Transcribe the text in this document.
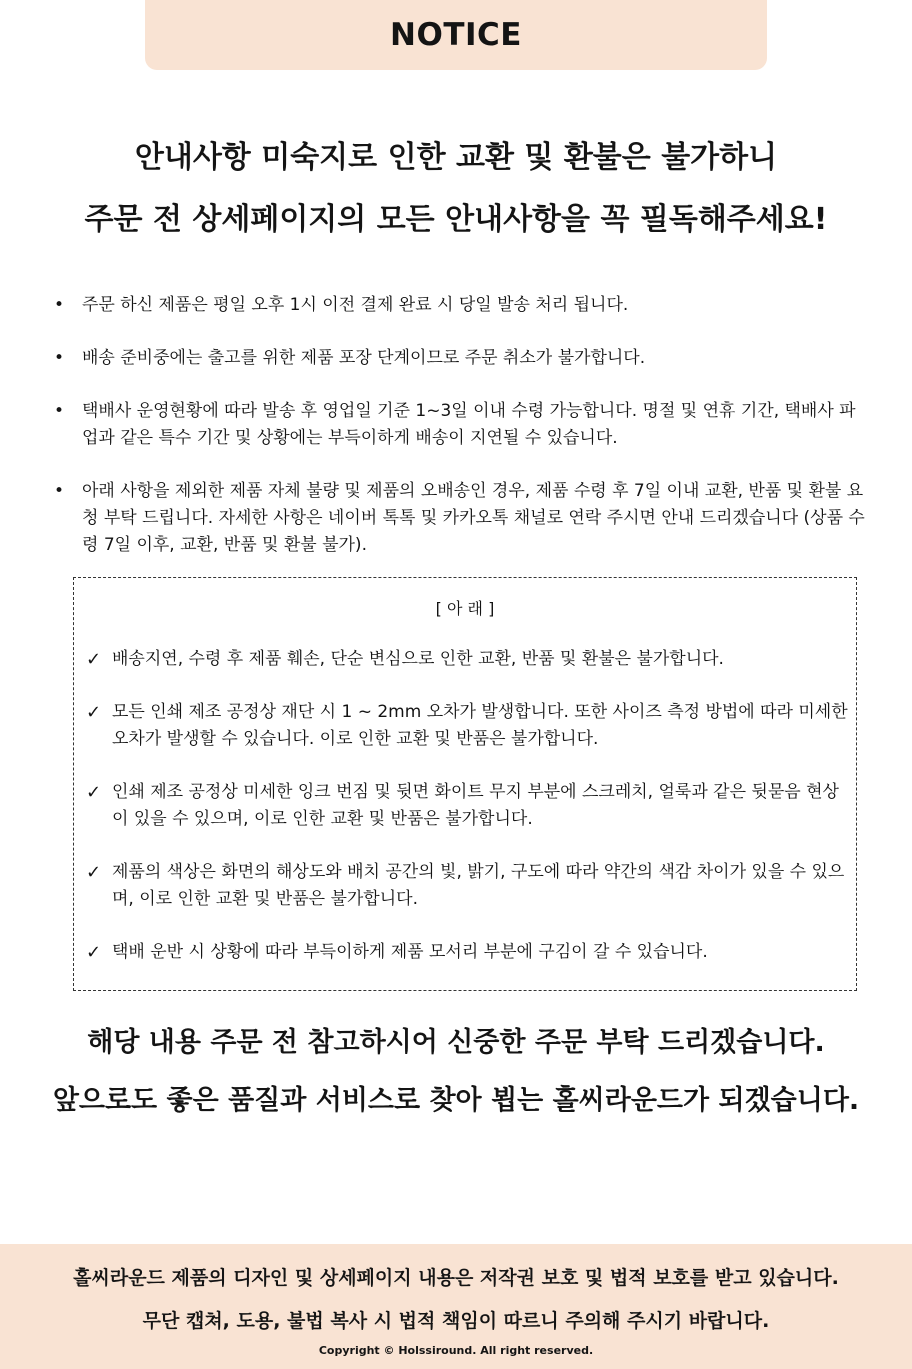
NOTICE
안내사항 미숙지로 인한 교환 및 환불은 불가하니
주문 전 상세페이지의 모든 안내사항을 꼭 필독해주세요!
• 주문 하신 제품은 평일 오후 1시 이전 결제 완료 시 당일 발송 처리 됩니다.
• 배송 준비중에는 출고를 위한 제품 포장 단계이므로 주문 취소가 불가합니다.
• 택배사 운영현황에 따라 발송 후 영업일 기준 1~3일 이내 수령 가능합니다. 명절 및 연휴 기간, 택배사 파업과 같은 특수 기간 및 상황에는 부득이하게 배송이 지연될 수 있습니다.
• 아래 사항을 제외한 제품 자체 불량 및 제품의 오배송인 경우, 제품 수령 후 7일 이내 교환, 반품 및 환불 요청 부탁 드립니다. 자세한 사항은 네이버 톡톡 및 카카오톡 채널로 연락 주시면 안내 드리겠습니다 (상품 수령 7일 이후, 교환, 반품 및 환불 불가).
[ 아 래 ]
✓ 배송지연, 수령 후 제품 훼손, 단순 변심으로 인한 교환, 반품 및 환불은 불가합니다.
✓ 모든 인쇄 제조 공정상 재단 시 1 ~ 2mm 오차가 발생합니다. 또한 사이즈 측정 방법에 따라 미세한 오차가 발생할 수 있습니다. 이로 인한 교환 및 반품은 불가합니다.
✓ 인쇄 제조 공정상 미세한 잉크 번짐 및 뒷면 화이트 무지 부분에 스크레치, 얼룩과 같은 뒷묻음 현상이 있을 수 있으며, 이로 인한 교환 및 반품은 불가합니다.
✓ 제품의 색상은 화면의 해상도와 배치 공간의 빛, 밝기, 구도에 따라 약간의 색감 차이가 있을 수 있으며, 이로 인한 교환 및 반품은 불가합니다.
✓ 택배 운반 시 상황에 따라 부득이하게 제품 모서리 부분에 구김이 갈 수 있습니다.
해당 내용 주문 전 참고하시어 신중한 주문 부탁 드리겠습니다.
앞으로도 좋은 품질과 서비스로 찾아 뵙는 홀씨라운드가 되겠습니다.
홀씨라운드 제품의 디자인 및 상세페이지 내용은 저작권 보호 및 법적 보호를 받고 있습니다.
무단 캡쳐, 도용, 불법 복사 시 법적 책임이 따르니 주의해 주시기 바랍니다.
Copyright © Holssiround. All right reserved.
